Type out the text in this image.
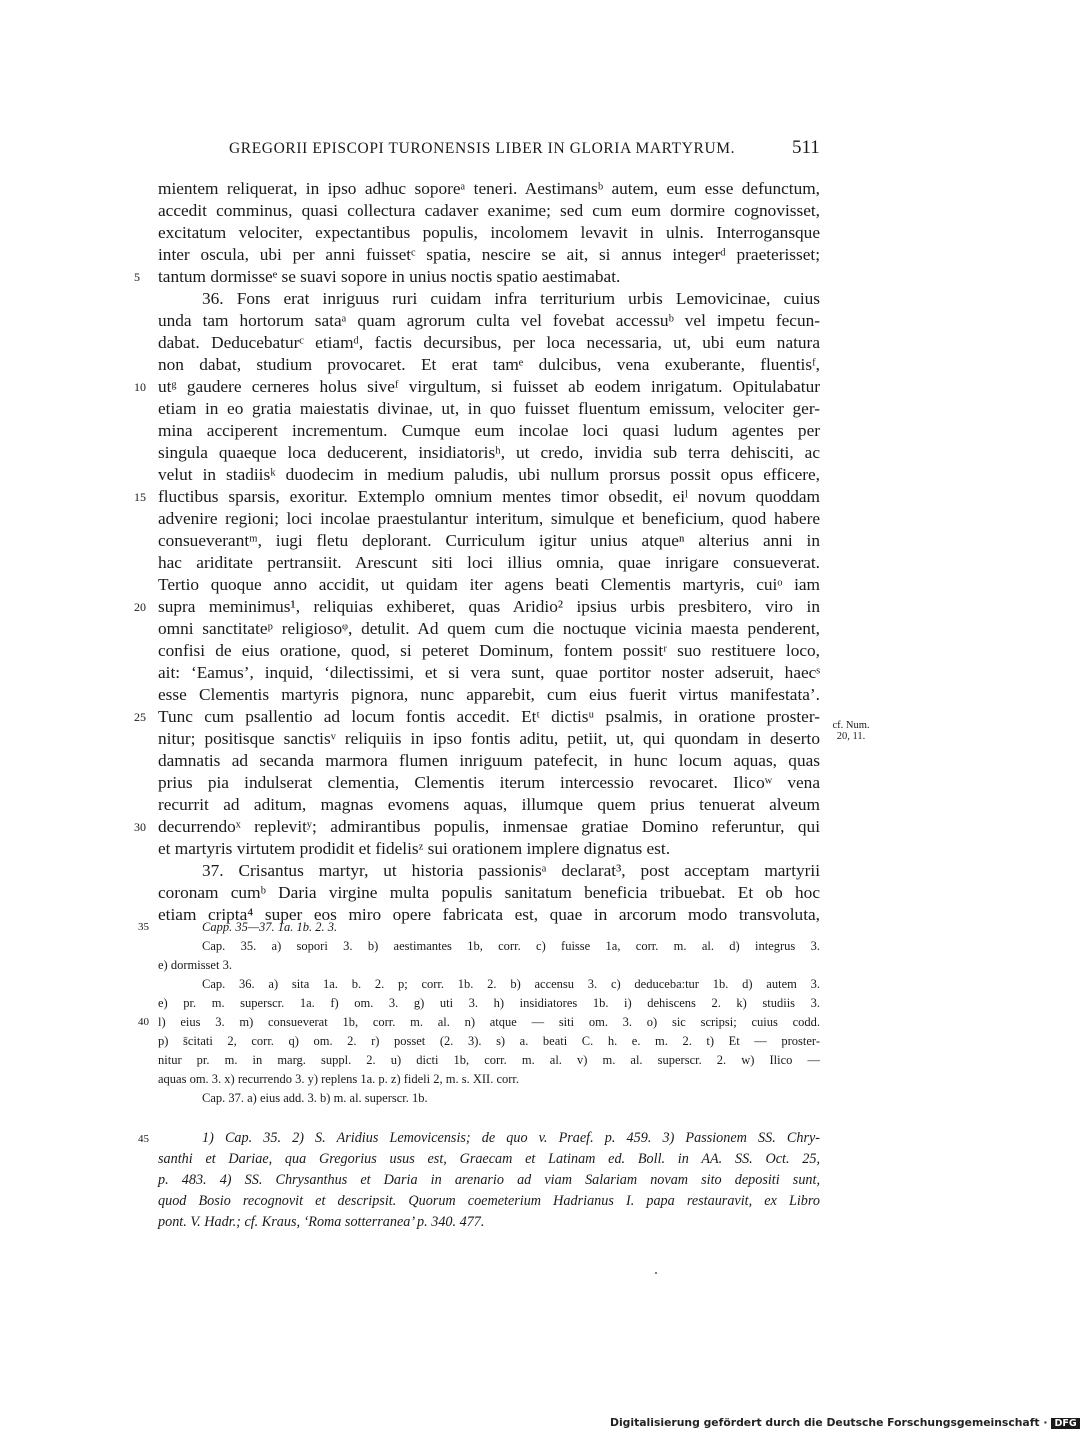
GREGORII EPISCOPI TURONENSIS LIBER IN GLORIA MARTYRUM.	511
mientem reliquerat, in ipso adhuc soporeᵃ teneri. Aestimansᵇ autem, eum esse defunctum,
accedit comminus, quasi collectura cadaver exanime; sed cum eum dormire cognovisset,
excitatum velociter, expectantibus populis, incolomem levavit in ulnis. Interrogansque
inter oscula, ubi per anni fuissetᶜ spatia, nescire se ait, si annus integerᵈ praeterisset;
5 tantum dormisseᵉ se suavi sopore in unius noctis spatio aestimabat.
36. Fons erat inriguus ruri cuidam infra territurium urbis Lemovicinae, cuius
unda tam hortorum sataᵃ quam agrorum culta vel fovebat accessuᵇ vel impetu fecun-
dabat. Deducebaturᶜ etiamᵈ, factis decursibus, per loca necessaria, ut, ubi eum natura
non dabat, studium provocaret. Et erat tamᵉ dulcibus, vena exuberante, fluentisᶠ,
10 utᵍ gaudere cerneres holus siveᶠ virgultum, si fuisset ab eodem inrigatum. Opitulabatur
etiam in eo gratia maiestatis divinae, ut, in quo fuisset fluentum emissum, velociter ger-
mina acciperent incrementum. Cumque eum incolae loci quasi ludum agentes per
singula quaeque loca deducerent, insidiatorisʰ, ut credo, invidia sub terra dehisciti, ac
velut in stadiisᵏ duodecim in medium paludis, ubi nullum prorsus possit opus efficere,
15 fluctibus sparsis, exoritur. Extemplo omnium mentes timor obsedit, eiˡ novum quoddam
advenire regioni; loci incolae praestulantur interitum, simulque et beneficium, quod habere
consueverantᵐ, iugi fletu deplorant. Curriculum igitur unius atqueⁿ alterius anni in
hac ariditate pertransiit. Arescunt siti loci illius omnia, quae inrigare consueverat.
Tertio quoque anno accidit, ut quidam iter agens beati Clementis martyris, cuiᵒ iam
20 supra meminimus¹, reliquias exhiberet, quas Aridio² ipsius urbis presbitero, viro in
omni sanctitateᵖ religiosoᵠ, detulit. Ad quem cum die noctuque vicinia maesta penderent,
confisi de eius oratione, quod, si peteret Dominum, fontem possitʳ suo restituere loco,
ait: ‘Eamus’, inquid, ‘dilectissimi, et si vera sunt, quae portitor noster adseruit, haecˢ
esse Clementis martyris pignora, nunc apparebit, cum eius fuerit virtus manifestata’.
25 Tunc cum psallentio ad locum fontis accedit. Etᵗ dictisᵘ psalmis, in oratione proster-
nitur; positisque sanctisᵛ reliquiis in ipso fontis aditu, petiit, ut, qui quondam in deserto
damnatis ad secanda marmora flumen inriguum patefecit, in hunc locum aquas, quas
prius pia indulserat clementia, Clementis iterum intercessio revocaret. Ilicoʷ vena
recurrit ad aditum, magnas evomens aquas, illumque quem prius tenuerat alveum
30 decurrendoˣ replevitʸ; admirantibus populis, inmensae gratiae Domino referuntur, qui
et martyris virtutem prodidit et fidelisᶻ sui orationem implere dignatus est.
37. Crisantus martyr, ut historia passionisᵃ declarat³, post acceptam martyrii
coronam cumᵇ Daria virgine multa populis sanitatum beneficia tribuebat. Et ob hoc
etiam cripta⁴ super eos miro opere fabricata est, quae in arcorum modo transvoluta,
cf. Num.
20, 11.
35	Capp. 35—37. 1a. 1b. 2. 3.
Cap. 35. a) sopori 3. b) aestimantes 1b, corr. c) fuisse 1a, corr. m. al. d) integrus 3.
e) dormisset 3.
Cap. 36. a) sita 1a. b. 2. p; corr. 1b. 2. b) accensu 3. c) deduceba:tur 1b. d) autem 3.
e) pr. m. superscr. 1a. f) om. 3. g) uti 3. h) insidiatores 1b. i) dehiscens 2. k) studiis 3.
40 l) eius 3. m) consueverat 1b, corr. m. al. n) atque — siti om. 3. o) sic scripsi; cuius codd.
p) s̄citati 2, corr. q) om. 2. r) posset (2. 3). s) a. beati C. h. e. m. 2. t) Et — proster-
nitur pr. m. in marg. suppl. 2. u) dicti 1b, corr. m. al. v) m. al. superscr. 2. w) Ilico —
aquas om. 3. x) recurrendo 3. y) replens 1a. p. z) fideli 2, m. s. XII. corr.
Cap. 37. a) eius add. 3. b) m. al. superscr. 1b.
45	1) Cap. 35. 2) S. Aridius Lemovicensis; de quo v. Praef. p. 459. 3) Passionem SS. Chry-
santhi et Dariae, qua Gregorius usus est, Graecam et Latinam ed. Boll. in AA. SS. Oct. 25,
p. 483. 4) SS. Chrysanthus et Daria in arenario ad viam Salariam novam sito depositi sunt,
quod Bosio recognovit et descripsit. Quorum coemeterium Hadrianus I. papa restauravit, ex Libro
pont. V. Hadr.; cf. Kraus, ‘Roma sotterranea’ p. 340. 477.
Digitalisierung gefördert durch die Deutsche Forschungsgemeinschaft · DFG
